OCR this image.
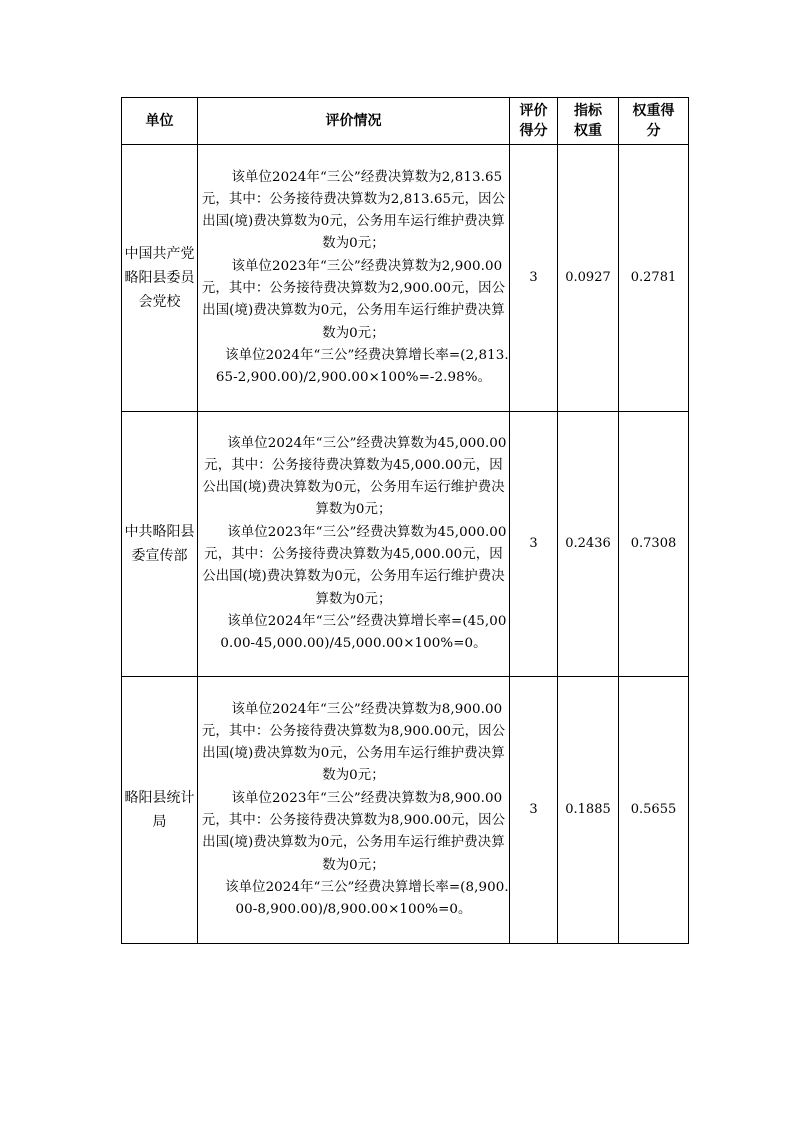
单位	评价情况	评价得分	指标权重	权重得分
中国共产党略阳县委员会党校	该单位2024年“三公”经费决算数为2,813.65元，其中：公务接待费决算数为2,813.65元，因公出国(境)费决算数为0元，公务用车运行维护费决算数为0元；

该单位2023年“三公”经费决算数为2,900.00元，其中：公务接待费决算数为2,900.00元，因公出国(境)费决算数为0元，公务用车运行维护费决算数为0元；

该单位2024年“三公”经费决算增长率=(2,813.65-2,900.00)/2,900.00×100%=-2.98%。	3	0.0927	0.2781
中共略阳县委宣传部	该单位2024年“三公”经费决算数为45,000.00元，其中：公务接待费决算数为45,000.00元，因公出国(境)费决算数为0元，公务用车运行维护费决算数为0元；

该单位2023年“三公”经费决算数为45,000.00元，其中：公务接待费决算数为45,000.00元，因公出国(境)费决算数为0元，公务用车运行维护费决算数为0元；

该单位2024年“三公”经费决算增长率=(45,000.00-45,000.00)/45,000.00×100%=0。	3	0.2436	0.7308
略阳县统计局	该单位2024年“三公”经费决算数为8,900.00元，其中：公务接待费决算数为8,900.00元，因公出国(境)费决算数为0元，公务用车运行维护费决算数为0元；

该单位2023年“三公”经费决算数为8,900.00元，其中：公务接待费决算数为8,900.00元，因公出国(境)费决算数为0元，公务用车运行维护费决算数为0元；

该单位2024年“三公”经费决算增长率=(8,900.00-8,900.00)/8,900.00×100%=0。	3	0.1885	0.5655
